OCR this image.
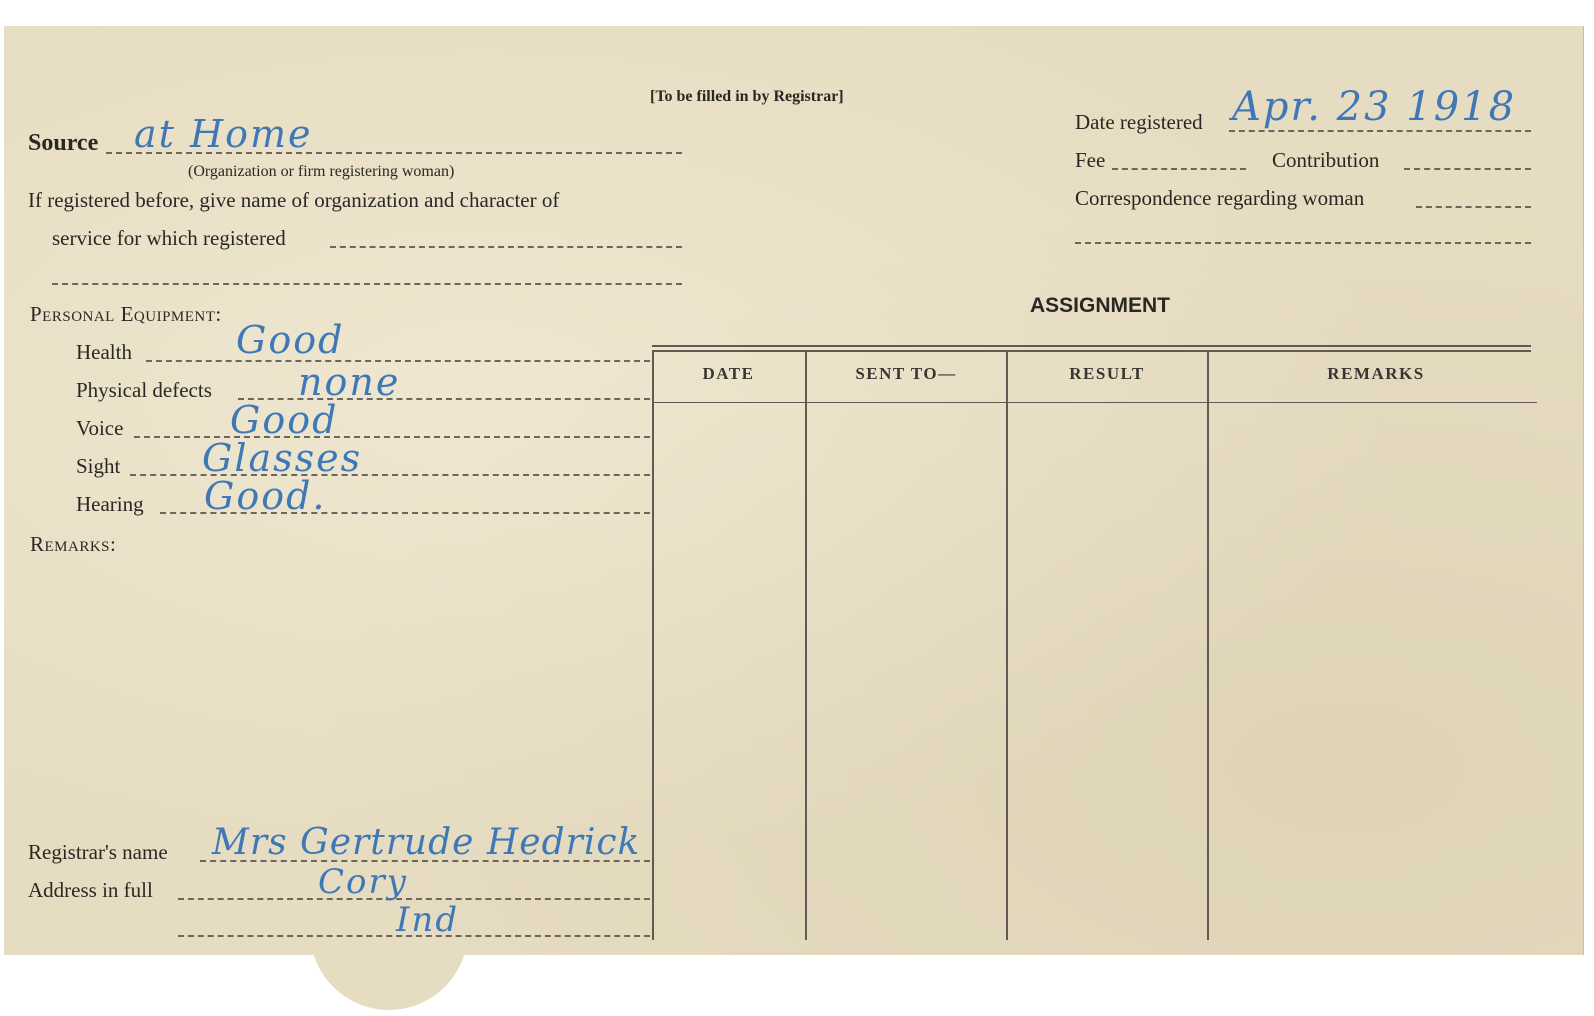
[To be filled in by Registrar]
Source at Home
(Organization or firm registering woman)
If registered before, give name of organization and character of
service for which registered
Date registered Apr. 23 1918
Fee	Contribution
Correspondence regarding woman
Personal Equipment:
Health	Good
Physical defects none
Voice	Good
Sight Glasses
Hearing Good.
Remarks:
ASSIGNMENT
DATE	SENT TO—	RESULT	REMARKS
Registrar's name Mrs Gertrude Hedrick
Address in full	Cory
Ind
